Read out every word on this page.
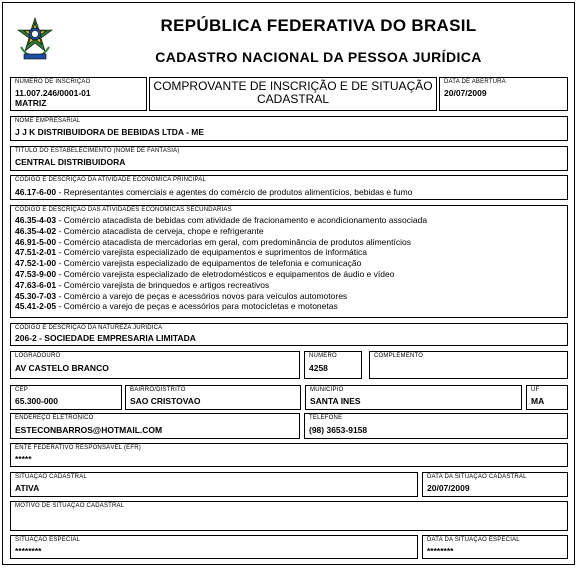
REPÚBLICA FEDERATIVA DO BRASIL
CADASTRO NACIONAL DA PESSOA JURÍDICA
NÚMERO DE INSCRIÇÃO
11.007.246/0001-01
MATRIZ
COMPROVANTE DE INSCRIÇÃO E DE SITUAÇÃO
CADASTRAL
DATA DE ABERTURA
20/07/2009
NOME EMPRESARIAL
J J K DISTRIBUIDORA DE BEBIDAS LTDA - ME
TÍTULO DO ESTABELECIMENTO (NOME DE FANTASIA)
CENTRAL DISTRIBUIDORA
CÓDIGO E DESCRIÇÃO DA ATIVIDADE ECONÔMICA PRINCIPAL
46.17-6-00 - Representantes comerciais e agentes do comércio de produtos alimentícios, bebidas e fumo
CÓDIGO E DESCRIÇÃO DAS ATIVIDADES ECONÔMICAS SECUNDÁRIAS
46.35-4-03 - Comércio atacadista de bebidas com atividade de fracionamento e acondicionamento associada
46.35-4-02 - Comércio atacadista de cerveja, chope e refrigerante
46.91-5-00 - Comércio atacadista de mercadorias em geral, com predominância de produtos alimentícios
47.51-2-01 - Comércio varejista especializado de equipamentos e suprimentos de informática
47.52-1-00 - Comércio varejista especializado de equipamentos de telefonia e comunicação
47.53-9-00 - Comércio varejista especializado de eletrodomésticos e equipamentos de áudio e vídeo
47.63-6-01 - Comércio varejista de brinquedos e artigos recreativos
45.30-7-03 - Comércio a varejo de peças e acessórios novos para veículos automotores
45.41-2-05 - Comércio a varejo de peças e acessórios para motocicletas e motonetas
CÓDIGO E DESCRIÇÃO DA NATUREZA JURÍDICA
206-2 - SOCIEDADE EMPRESARIA LIMITADA
LOGRADOURO
AV CASTELO BRANCO
NÚMERO
4258
COMPLEMENTO
CEP
65.300-000
BAIRRO/DISTRITO
SAO CRISTOVAO
MUNICÍPIO
SANTA INES
UF
MA
ENDEREÇO ELETRÔNICO
ESTECONBARROS@HOTMAIL.COM
TELEFONE
(98) 3653-9158
ENTE FEDERATIVO RESPONSÁVEL (EFR)
*****
SITUAÇÃO CADASTRAL
ATIVA
DATA DA SITUAÇÃO CADASTRAL
20/07/2009
MOTIVO DE SITUAÇÃO CADASTRAL
SITUAÇÃO ESPECIAL
********
DATA DA SITUAÇÃO ESPECIAL
********
